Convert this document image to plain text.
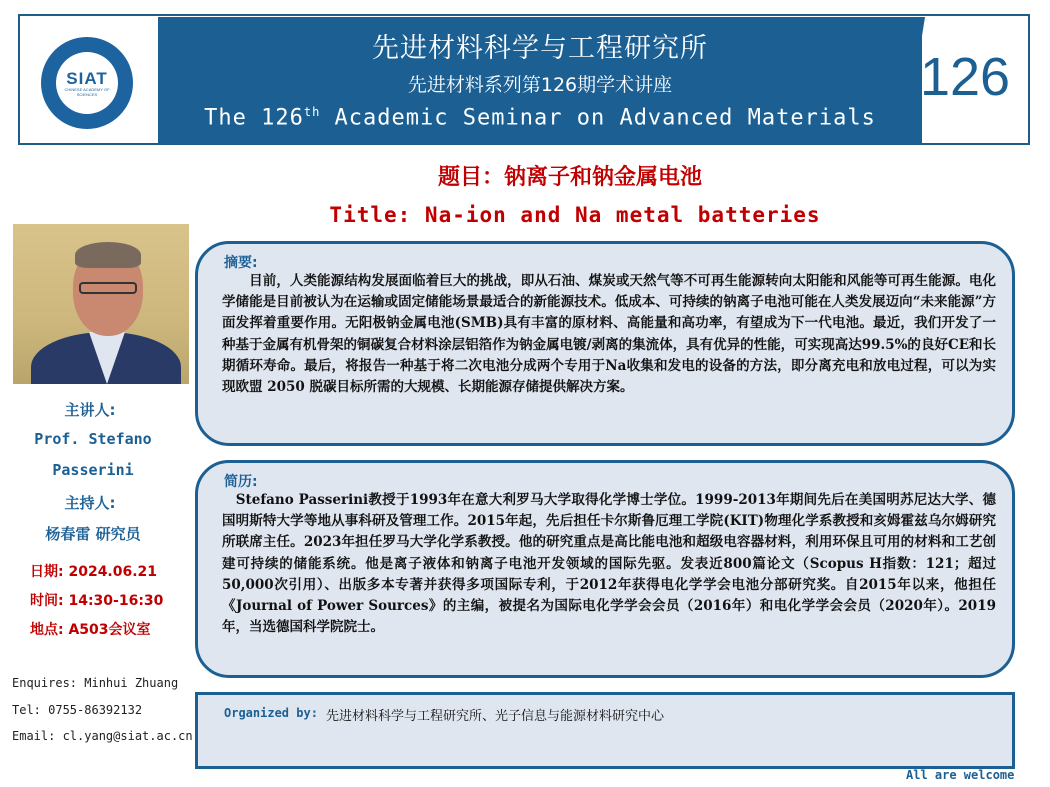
SIAT
CHINESE ACADEMY OF SCIENCES
先进材料科学与工程研究所
先进材料系列第126期学术讲座
The 126th Academic Seminar on Advanced Materials
126
题目：钠离子和钠金属电池
Title: Na-ion and Na metal batteries
主讲人:
Prof. Stefano
Passerini
主持人:
杨春雷 研究员
日期: 2024.06.21
时间: 14:30-16:30
地点: A503会议室
Enquires: Minhui Zhuang
Tel: 0755-86392132
Email: cl.yang@siat.ac.cn
摘要:
　　目前，人类能源结构发展面临着巨大的挑战，即从石油、煤炭或天然气等不可再生能源转向太阳能和风能等可再生能源。电化学储能是目前被认为在运输或固定储能场景最适合的新能源技术。低成本、可持续的钠离子电池可能在人类发展迈向“未来能源”方面发挥着重要作用。无阳极钠金属电池(SMB)具有丰富的原材料、高能量和高功率，有望成为下一代电池。最近，我们开发了一种基于金属有机骨架的铜碳复合材料涂层铝箔作为钠金属电镀/剥离的集流体，具有优异的性能，可实现高达99.5%的良好CE和长期循环寿命。最后，将报告一种基于将二次电池分成两个专用于Na收集和发电的设备的方法，即分离充电和放电过程，可以为实现欧盟 2050 脱碳目标所需的大规模、长期能源存储提供解决方案。
简历:
　Stefano Passerini教授于1993年在意大利罗马大学取得化学博士学位。1999-2013年期间先后在美国明苏尼达大学、德国明斯特大学等地从事科研及管理工作。2015年起，先后担任卡尔斯鲁厄理工学院(KIT)物理化学系教授和亥姆霍兹乌尔姆研究所联席主任。2023年担任罗马大学化学系教授。他的研究重点是高比能电池和超级电容器材料，利用环保且可用的材料和工艺创建可持续的储能系统。他是离子液体和钠离子电池开发领域的国际先驱。发表近800篇论文（Scopus H指数：121；超过50,000次引用）、出版多本专著并获得多项国际专利，于2012年获得电化学学会电池分部研究奖。自2015年以来，他担任《Journal of Power Sources》的主编，被提名为国际电化学学会会员（2016年）和电化学学会会员（2020年）。2019年，当选德国科学院院士。
Organized by: 先进材料科学与工程研究所、光子信息与能源材料研究中心
All are welcome
